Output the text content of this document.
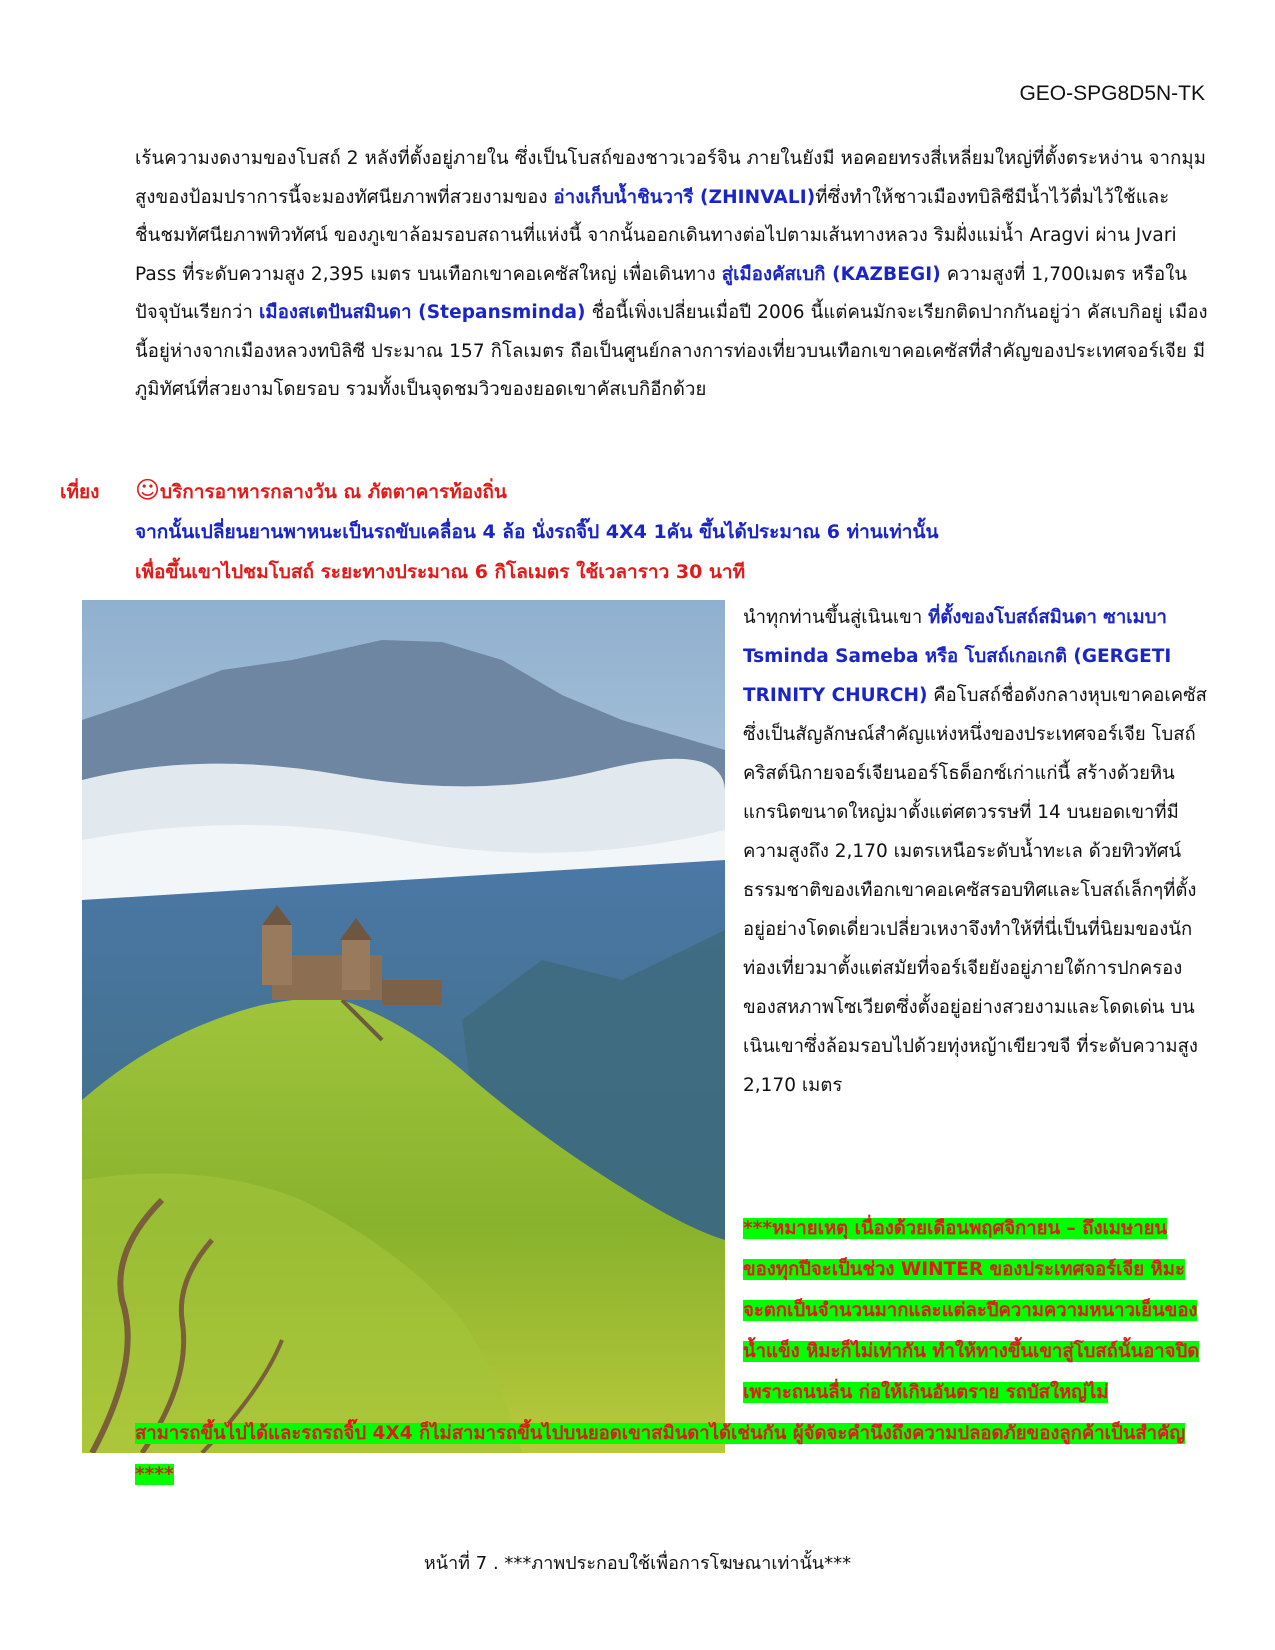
GEO-SPG8D5N-TK
เร้นความงดงามของโบสถ์ 2 หลังที่ตั้งอยู่ภายใน ซึ่งเป็นโบสถ์ของชาวเวอร์จิน ภายในยังมี หอคอยทรงสี่เหลี่ยมใหญ่ที่ตั้งตระหง่าน จากมุมสูงของป้อมปราการนี้จะมองทัศนียภาพที่สวยงามของ อ่างเก็บน้ำชินวารี (ZHINVALI)ที่ซึ่งทำให้ชาวเมืองทบิลิซีมีน้ำไว้ดื่มไว้ใช้และชื่นชมทัศนียภาพทิวทัศน์ ของภูเขาล้อมรอบสถานที่แห่งนี้ จากนั้นออกเดินทางต่อไปตามเส้นทางหลวง ริมฝั่งแม่น้ำ Aragvi ผ่าน Jvari Pass ที่ระดับความสูง 2,395 เมตร บนเทือกเขาคอเคซัสใหญ่ เพื่อเดินทาง สู่เมืองคัสเบกิ (KAZBEGI) ความสูงที่ 1,700เมตร หรือในปัจจุบันเรียกว่า เมืองสเตปันสมินดา (Stepansminda) ชื่อนี้เพิ่งเปลี่ยนเมื่อปี 2006 นี้แต่คนมักจะเรียกติดปากกันอยู่ว่า คัสเบกิอยู่ เมืองนี้อยู่ห่างจากเมืองหลวงทบิลิซี ประมาณ 157 กิโลเมตร ถือเป็นศูนย์กลางการท่องเที่ยวบนเทือกเขาคอเคซัสที่สำคัญของประเทศจอร์เจีย มีภูมิทัศน์ที่สวยงามโดยรอบ รวมทั้งเป็นจุดชมวิวของยอดเขาคัสเบกิอีกด้วย
เที่ยง ☺บริการอาหารกลางวัน ณ ภัตตาคารท้องถิ่น
จากนั้นเปลี่ยนยานพาหนะเป็นรถขับเคลื่อน 4 ล้อ นั่งรถจิ๊ป 4X4 1คัน ขึ้นได้ประมาณ 6 ท่านเท่านั้น
เพื่อขึ้นเขาไปชมโบสถ์ ระยะทางประมาณ 6 กิโลเมตร ใช้เวลาราว 30 นาที
นำทุกท่านขึ้นสู่เนินเขา ที่ตั้งของโบสถ์สมินดา ซาเมบา Tsminda Sameba หรือ โบสถ์เกอเกติ (GERGETI TRINITY CHURCH) คือโบสถ์ชื่อดังกลางหุบเขาคอเคซัส ซึ่งเป็นสัญลักษณ์สำคัญแห่งหนึ่งของประเทศจอร์เจีย โบสถ์คริสต์นิกายจอร์เจียนออร์โธด็อกซ์เก่าแก่นี้ สร้างด้วยหินแกรนิตขนาดใหญ่มาตั้งแต่ศตวรรษที่ 14 บนยอดเขาที่มีความสูงถึง 2,170 เมตรเหนือระดับน้ำทะเล ด้วยทิวทัศน์ธรรมชาติของเทือกเขาคอเคซัสรอบทิศและโบสถ์เล็กๆที่ตั้งอยู่อย่างโดดเดี่ยวเปลี่ยวเหงาจึงทำให้ที่นี่เป็นที่นิยมของนักท่องเที่ยวมาตั้งแต่สมัยที่จอร์เจียยังอยู่ภายใต้การปกครองของสหภาพโซเวียตซึ่งตั้งอยู่อย่างสวยงามและโดดเด่น บนเนินเขาซึ่งล้อมรอบไปด้วยทุ่งหญ้าเขียวขจี ที่ระดับความสูง 2,170 เมตร
***หมายเหตุ เนื่องด้วยเดือนพฤศจิกายน – ถึงเมษายน ของทุกปีจะเป็นช่วง WINTER ของประเทศจอร์เจีย หิมะจะตกเป็นจำนวนมากและแต่ละปีความความหนาวเย็นของน้ำแข็ง หิมะก็ไม่เท่ากัน ทำให้ทางขึ้นเขาสู่โบสถ์นั้นอาจปิดเพราะถนนลื่น ก่อให้เกินอันตราย รถบัสใหญ่ไม่
สามารถขึ้นไปได้และรถรถจิ๊ป 4X4 ก็ไม่สามารถขึ้นไปบนยอดเขาสมินดาได้เช่นกัน ผู้จัดจะคำนึงถึงความปลอดภัยของลูกค้าเป็นสำคัญ ****
หน้าที่ 7 . ***ภาพประกอบใช้เพื่อการโฆษณาเท่านั้น***
